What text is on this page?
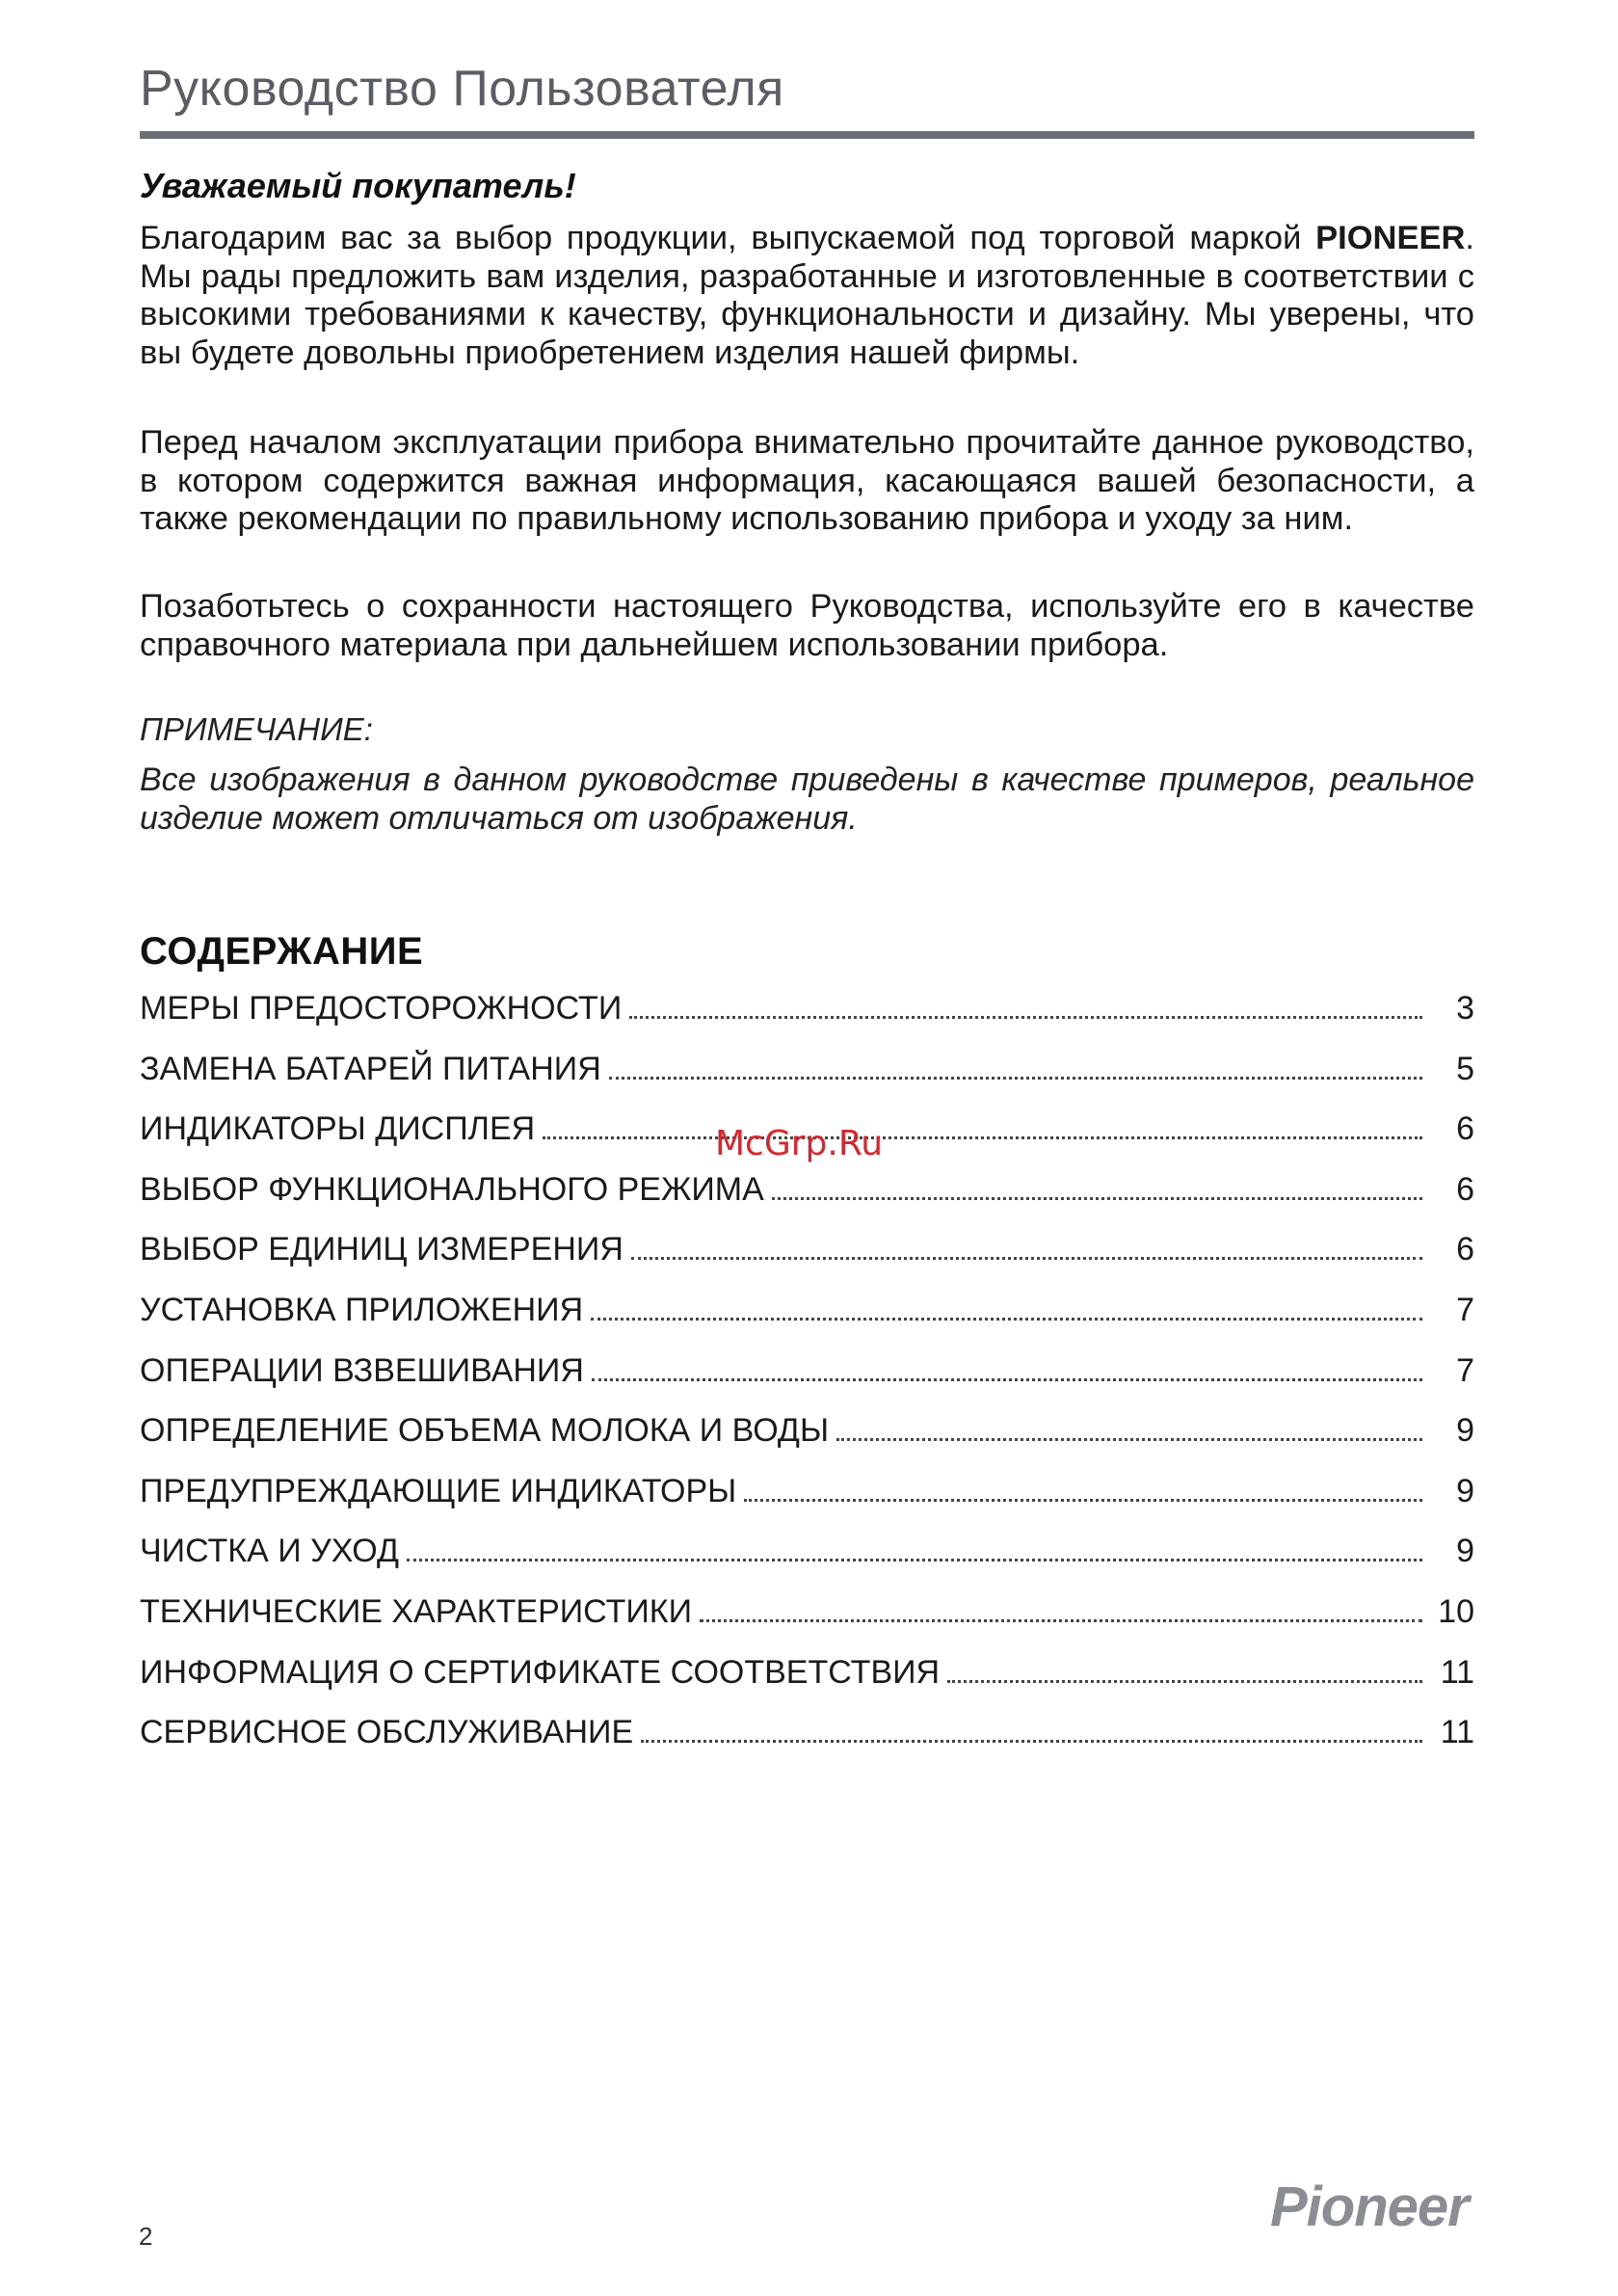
Руководство Пользователя
Уважаемый покупатель!
Благодарим вас за выбор продукции, выпускаемой под торговой маркой PIONEER. Мы рады предложить вам изделия, разработанные и изготовленные в соответствии с высокими требованиями к качеству, функциональности и дизайну. Мы уверены, что вы будете довольны приобретением изделия нашей фирмы.
Перед началом эксплуатации прибора внимательно прочитайте данное руководство, в котором содержится важная информация, касающаяся вашей безопасности, а также рекомендации по правильному использованию прибора и уходу за ним.
Позаботьтесь о сохранности настоящего Руководства, используйте его в качестве справочного материала при дальнейшем использовании прибора.
ПРИМЕЧАНИЕ:
Все изображения в данном руководстве приведены в качестве примеров, реальное изделие может отличаться от изображения.
СОДЕРЖАНИЕ
МЕРЫ ПРЕДОСТОРОЖНОСТИ	3
ЗАМЕНА БАТАРЕЙ ПИТАНИЯ	5
ИНДИКАТОРЫ ДИСПЛЕЯ	6
ВЫБОР ФУНКЦИОНАЛЬНОГО РЕЖИМА	6
ВЫБОР ЕДИНИЦ ИЗМЕРЕНИЯ	6
УСТАНОВКА ПРИЛОЖЕНИЯ	7
ОПЕРАЦИИ ВЗВЕШИВАНИЯ	7
ОПРЕДЕЛЕНИЕ ОБЪЕМА МОЛОКА И ВОДЫ	9
ПРЕДУПРЕЖДАЮЩИЕ ИНДИКАТОРЫ	9
ЧИСТКА И УХОД	9
ТЕХНИЧЕСКИЕ ХАРАКТЕРИСТИКИ	10
ИНФОРМАЦИЯ О СЕРТИФИКАТЕ СООТВЕТСТВИЯ	11
СЕРВИСНОЕ ОБСЛУЖИВАНИЕ	11
McGrp.Ru
2	Pioneer
